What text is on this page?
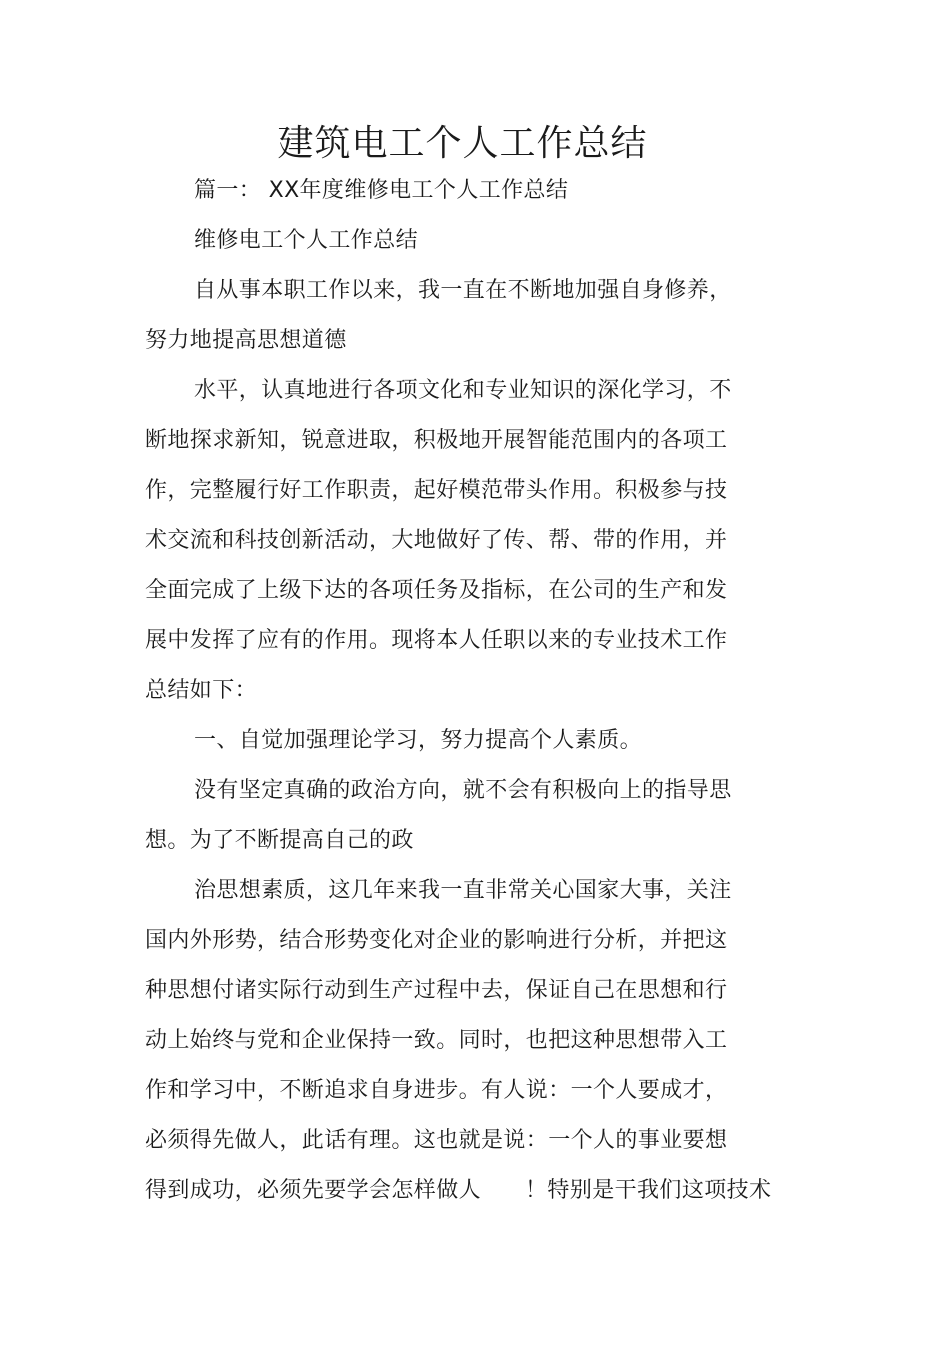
建筑电工个人工作总结
篇一： XX年度维修电工个人工作总结
维修电工个人工作总结
自从事本职工作以来，我一直在不断地加强自身修养，
努力地提高思想道德
水平，认真地进行各项文化和专业知识的深化学习，不
断地探求新知，锐意进取，积极地开展智能范围内的各项工
作，完整履行好工作职责，起好模范带头作用。积极参与技
术交流和科技创新活动，大地做好了传、帮、带的作用，并
全面完成了上级下达的各项任务及指标，在公司的生产和发
展中发挥了应有的作用。现将本人任职以来的专业技术工作
总结如下：
一、自觉加强理论学习，努力提高个人素质。
没有坚定真确的政治方向，就不会有积极向上的指导思
想。为了不断提高自己的政
治思想素质，这几年来我一直非常关心国家大事，关注
国内外形势，结合形势变化对企业的影响进行分析，并把这
种思想付诸实际行动到生产过程中去，保证自己在思想和行
动上始终与党和企业保持一致。同时，也把这种思想带入工
作和学习中，不断追求自身进步。有人说：一个人要成才，
必须得先做人，此话有理。这也就是说：一个人的事业要想
得到成功，必须先要学会怎样做人 ！特别是干我们这项技术
